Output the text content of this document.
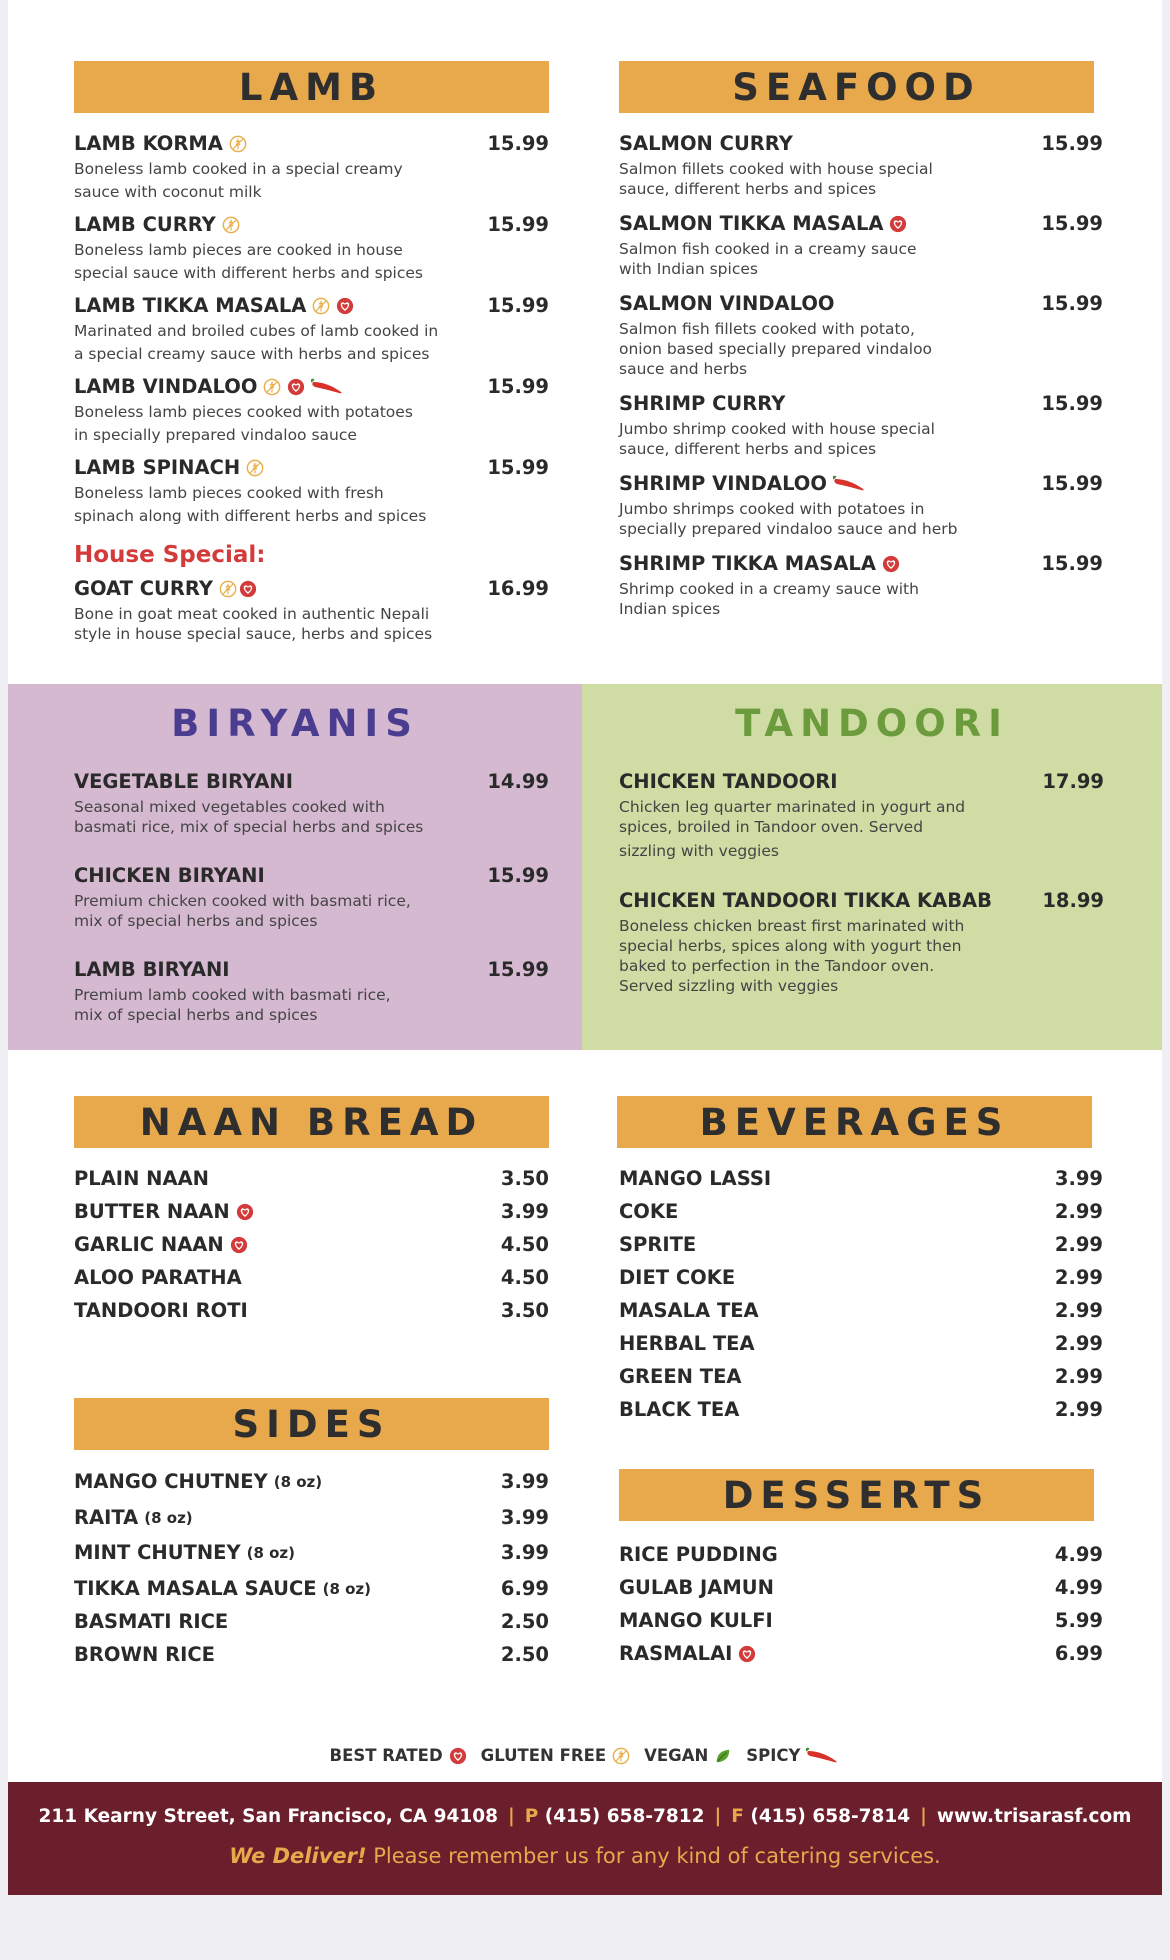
LAMB
LAMB KORMA	15.99
Boneless lamb cooked in a special creamy
sauce with coconut milk
LAMB CURRY	15.99
Boneless lamb pieces are cooked in house
special sauce with different herbs and spices
LAMB TIKKA MASALA	15.99
Marinated and broiled cubes of lamb cooked in
a special creamy sauce with herbs and spices
LAMB VINDALOO	15.99
Boneless lamb pieces cooked with potatoes
in specially prepared vindaloo sauce
LAMB SPINACH	15.99
Boneless lamb pieces cooked with fresh
spinach along with different herbs and spices
House Special:
GOAT CURRY	16.99
Bone in goat meat cooked in authentic Nepali
style in house special sauce, herbs and spices
SEAFOOD
SALMON CURRY	15.99
Salmon fillets cooked with house special
sauce, different herbs and spices
SALMON TIKKA MASALA	15.99
Salmon fish cooked in a creamy sauce
with Indian spices
SALMON VINDALOO	15.99
Salmon fish fillets cooked with potato,
onion based specially prepared vindaloo
sauce and herbs
SHRIMP CURRY	15.99
Jumbo shrimp cooked with house special
sauce, different herbs and spices
SHRIMP VINDALOO	15.99
Jumbo shrimps cooked with potatoes in
specially prepared vindaloo sauce and herb
SHRIMP TIKKA MASALA	15.99
Shrimp cooked in a creamy sauce with
Indian spices
BIRYANIS
VEGETABLE BIRYANI	14.99
Seasonal mixed vegetables cooked with
basmati rice, mix of special herbs and spices
CHICKEN BIRYANI	15.99
Premium chicken cooked with basmati rice,
mix of special herbs and spices
LAMB BIRYANI	15.99
Premium lamb cooked with basmati rice,
mix of special herbs and spices
TANDOORI
CHICKEN TANDOORI	17.99
Chicken leg quarter marinated in yogurt and
spices, broiled in Tandoor oven. Served
sizzling with veggies
CHICKEN TANDOORI TIKKA KABAB	18.99
Boneless chicken breast first marinated with
special herbs, spices along with yogurt then
baked to perfection in the Tandoor oven.
Served sizzling with veggies
NAAN BREAD
PLAIN NAAN	3.50
BUTTER NAAN	3.99
GARLIC NAAN	4.50
ALOO PARATHA	4.50
TANDOORI ROTI	3.50
BEVERAGES
MANGO LASSI	3.99
COKE	2.99
SPRITE	2.99
DIET COKE	2.99
MASALA TEA	2.99
HERBAL TEA	2.99
GREEN TEA	2.99
BLACK TEA	2.99
SIDES
MANGO CHUTNEY (8 oz)	3.99
RAITA (8 oz)	3.99
MINT CHUTNEY (8 oz)	3.99
TIKKA MASALA SAUCE (8 oz)	6.99
BASMATI RICE	2.50
BROWN RICE	2.50
DESSERTS
RICE PUDDING	4.99
GULAB JAMUN	4.99
MANGO KULFI	5.99
RASMALAI	6.99
BEST RATED GLUTEN FREE VEGAN SPICY
211 Kearny Street, San Francisco, CA 94108 | P (415) 658-7812 | F (415) 658-7814 | www.trisarasf.com
We Deliver! Please remember us for any kind of catering services.
